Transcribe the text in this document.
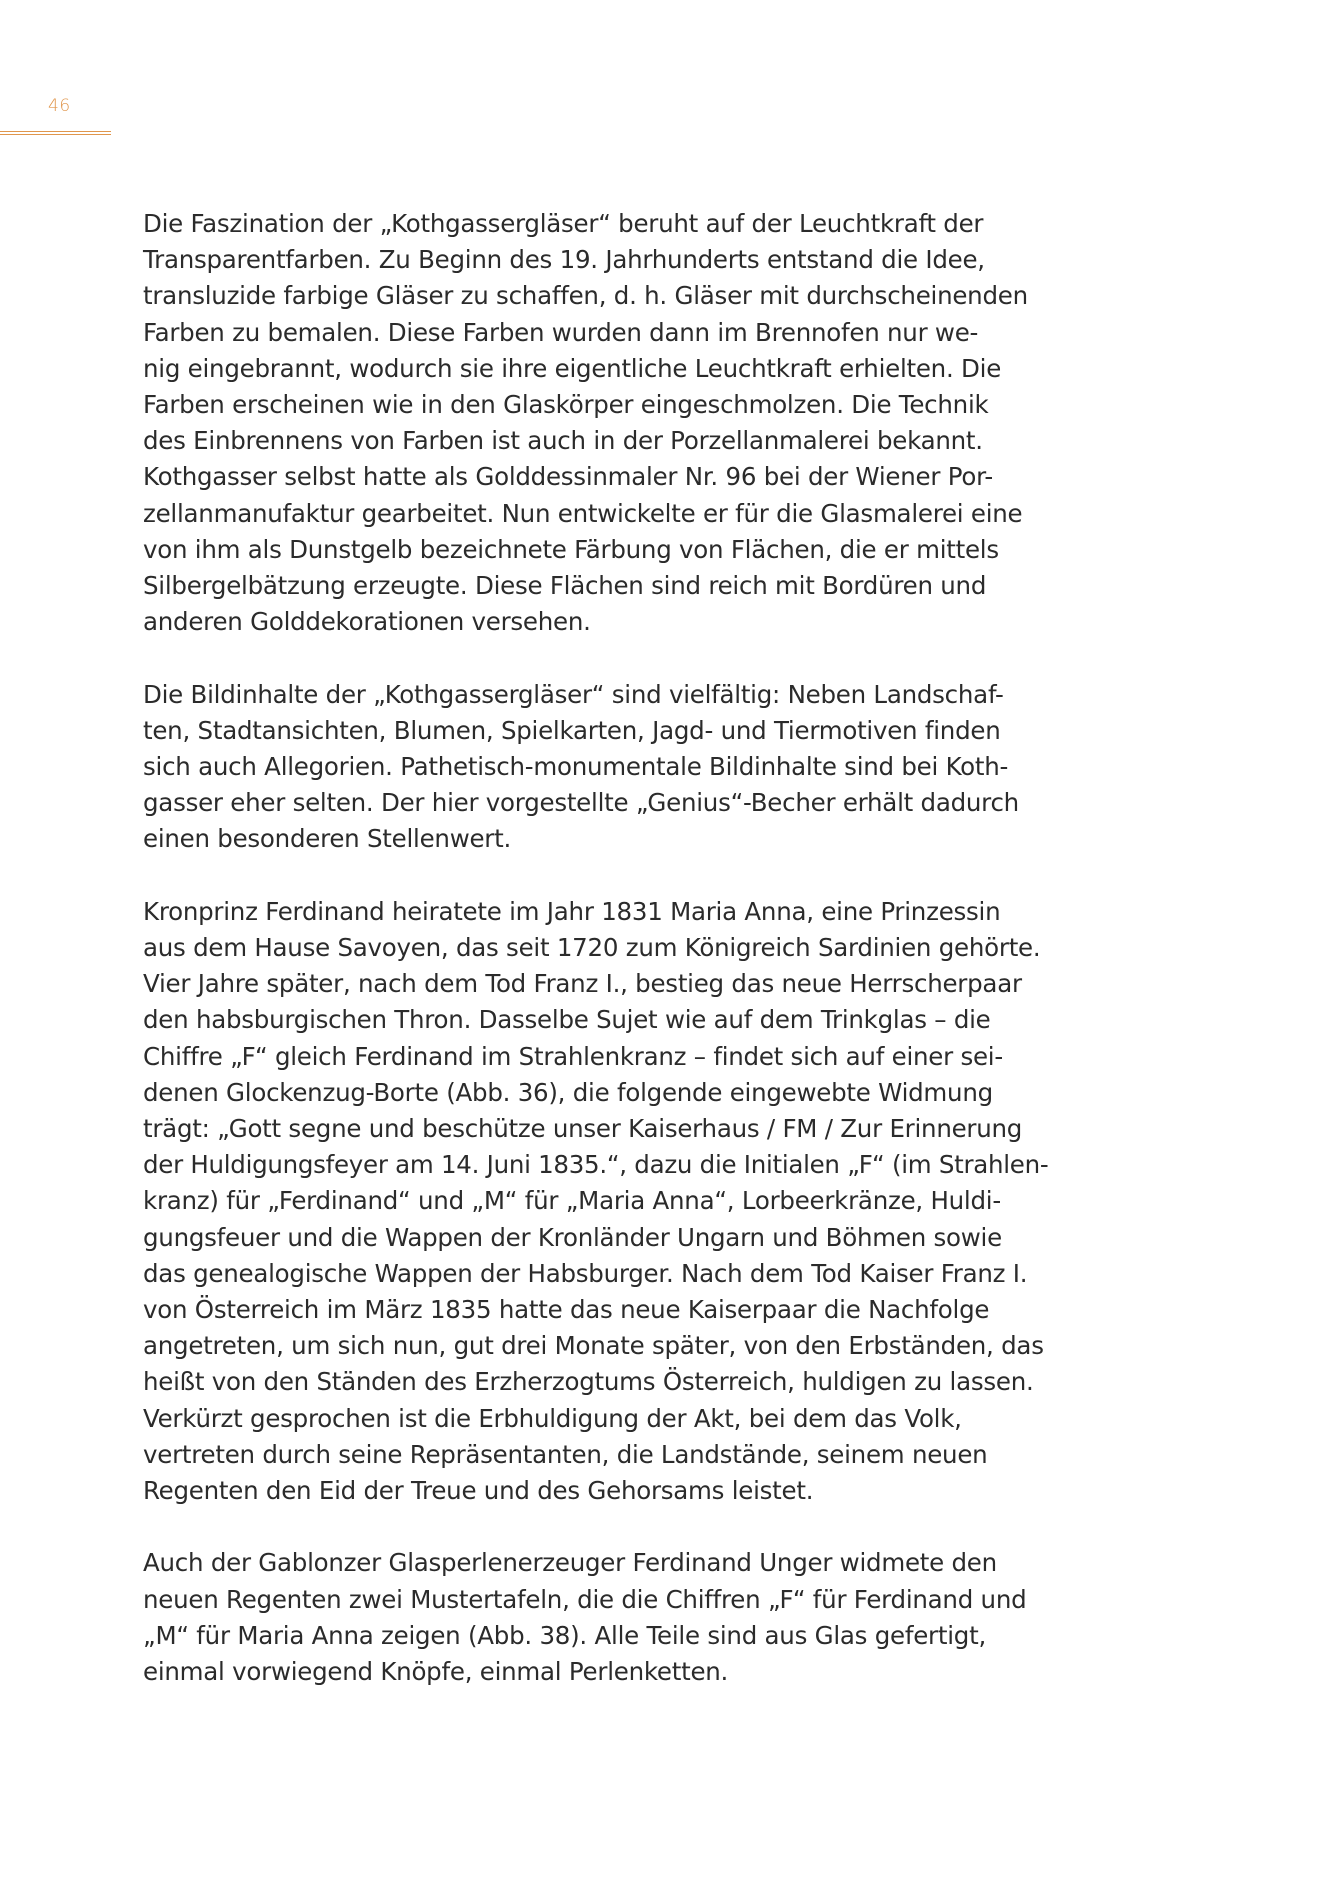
46

Die Faszination der „Kothgassergläser“ beruht auf der Leuchtkraft der
Transparentfarben. Zu Beginn des 19. Jahrhunderts entstand die Idee,
transluzide farbige Gläser zu schaffen, d. h. Gläser mit durchscheinenden
Farben zu bemalen. Diese Farben wurden dann im Brennofen nur we-
nig eingebrannt, wodurch sie ihre eigentliche Leuchtkraft erhielten. Die
Farben erscheinen wie in den Glaskörper eingeschmolzen. Die Technik
des Einbrennens von Farben ist auch in der Porzellanmalerei bekannt.
Kothgasser selbst hatte als Golddessinmaler Nr. 96 bei der Wiener Por-
zellanmanufaktur gearbeitet. Nun entwickelte er für die Glasmalerei eine
von ihm als Dunstgelb bezeichnete Färbung von Flächen, die er mittels
Silbergelbätzung erzeugte. Diese Flächen sind reich mit Bordüren und
anderen Golddekorationen versehen.

Die Bildinhalte der „Kothgassergläser“ sind vielfältig: Neben Landschaf-
ten, Stadtansichten, Blumen, Spielkarten, Jagd- und Tiermotiven finden
sich auch Allegorien. Pathetisch-monumentale Bildinhalte sind bei Koth-
gasser eher selten. Der hier vorgestellte „Genius“-Becher erhält dadurch
einen besonderen Stellenwert.

Kronprinz Ferdinand heiratete im Jahr 1831 Maria Anna, eine Prinzessin
aus dem Hause Savoyen, das seit 1720 zum Königreich Sardinien gehörte.
Vier Jahre später, nach dem Tod Franz I., bestieg das neue Herrscherpaar
den habsburgischen Thron. Dasselbe Sujet wie auf dem Trinkglas – die
Chiffre „F“ gleich Ferdinand im Strahlenkranz – findet sich auf einer sei-
denen Glockenzug-Borte (Abb. 36), die folgende eingewebte Widmung
trägt: „Gott segne und beschütze unser Kaiserhaus / FM / Zur Erinnerung
der Huldigungsfeyer am 14. Juni 1835.“, dazu die Initialen „F“ (im Strahlen-
kranz) für „Ferdinand“ und „M“ für „Maria Anna“, Lorbeerkränze, Huldi-
gungsfeuer und die Wappen der Kronländer Ungarn und Böhmen sowie
das genealogische Wappen der Habsburger. Nach dem Tod Kaiser Franz I.
von Österreich im März 1835 hatte das neue Kaiserpaar die Nachfolge
angetreten, um sich nun, gut drei Monate später, von den Erbständen, das
heißt von den Ständen des Erzherzogtums Österreich, huldigen zu lassen.
Verkürzt gesprochen ist die Erbhuldigung der Akt, bei dem das Volk,
vertreten durch seine Repräsentanten, die Landstände, seinem neuen
Regenten den Eid der Treue und des Gehorsams leistet.

Auch der Gablonzer Glasperlenerzeuger Ferdinand Unger widmete den
neuen Regenten zwei Mustertafeln, die die Chiffren „F“ für Ferdinand und
„M“ für Maria Anna zeigen (Abb. 38). Alle Teile sind aus Glas gefertigt,
einmal vorwiegend Knöpfe, einmal Perlenketten.
